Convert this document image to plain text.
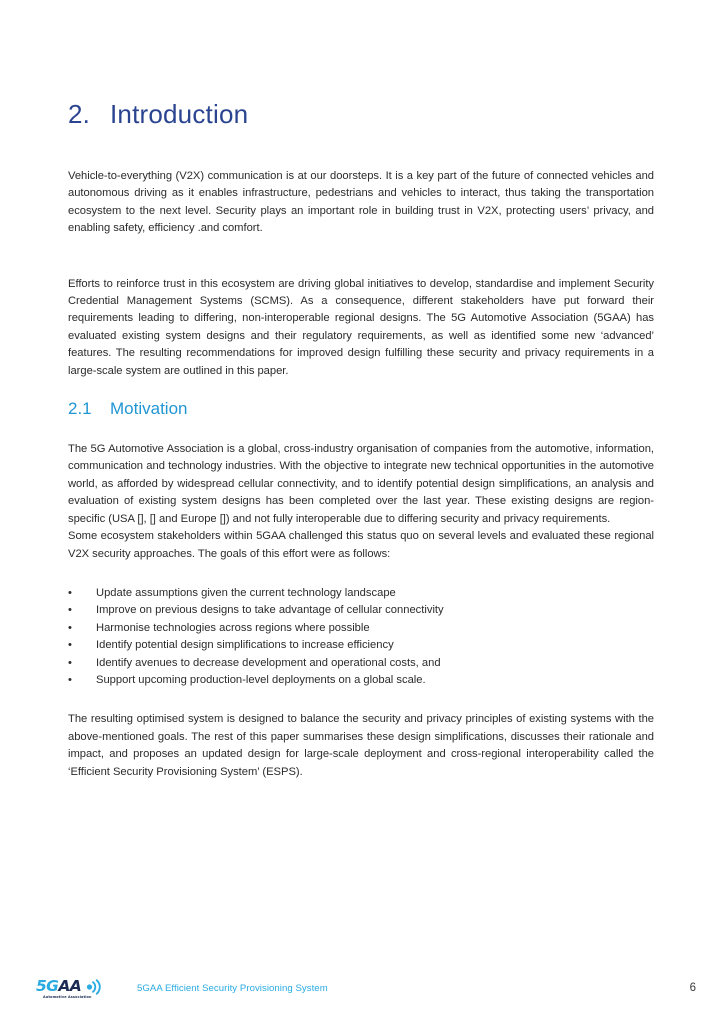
2. Introduction

Vehicle-to-everything (V2X) communication is at our doorsteps. It is a key part of the future of connected vehicles and autonomous driving as it enables infrastructure, pedestrians and vehicles to interact, thus taking the transportation ecosystem to the next level. Security plays an important role in building trust in V2X, protecting users’ privacy, and enabling safety, efficiency .and comfort.

Efforts to reinforce trust in this ecosystem are driving global initiatives to develop, standardise and implement Security Credential Management Systems (SCMS). As a consequence, different stakeholders have put forward their requirements leading to differing, non-interoperable regional designs. The 5G Automotive Association (5GAA) has evaluated existing system designs and their regulatory requirements, as well as identified some new ‘advanced’ features. The resulting recommendations for improved design fulfilling these security and privacy requirements in a large-scale system are outlined in this paper.

2.1	Motivation

The 5G Automotive Association is a global, cross-industry organisation of companies from the automotive, information, communication and technology industries. With the objective to integrate new technical opportunities in the automotive world, as afforded by widespread cellular connectivity, and to identify potential design simplifications, an analysis and evaluation of existing system designs has been completed over the last year. These existing designs are region-specific (USA [], [] and Europe []) and not fully interoperable due to differing security and privacy requirements.

Some ecosystem stakeholders within 5GAA challenged this status quo on several levels and evaluated these regional V2X security approaches. The goals of this effort were as follows:

•	Update assumptions given the current technology landscape
•	Improve on previous designs to take advantage of cellular connectivity
•	Harmonise technologies across regions where possible
•	Identify potential design simplifications to increase efficiency
•	Identify avenues to decrease development and operational costs, and
•	Support upcoming production-level deployments on a global scale.

The resulting optimised system is designed to balance the security and privacy principles of existing systems with the above-mentioned goals. The rest of this paper summarises these design simplifications, discusses their rationale and impact, and proposes an updated design for large-scale deployment and cross-regional interoperability called the ‘Efficient Security Provisioning System’ (ESPS).

5GAA
Automotive Association
5GAA Efficient Security Provisioning System	6
